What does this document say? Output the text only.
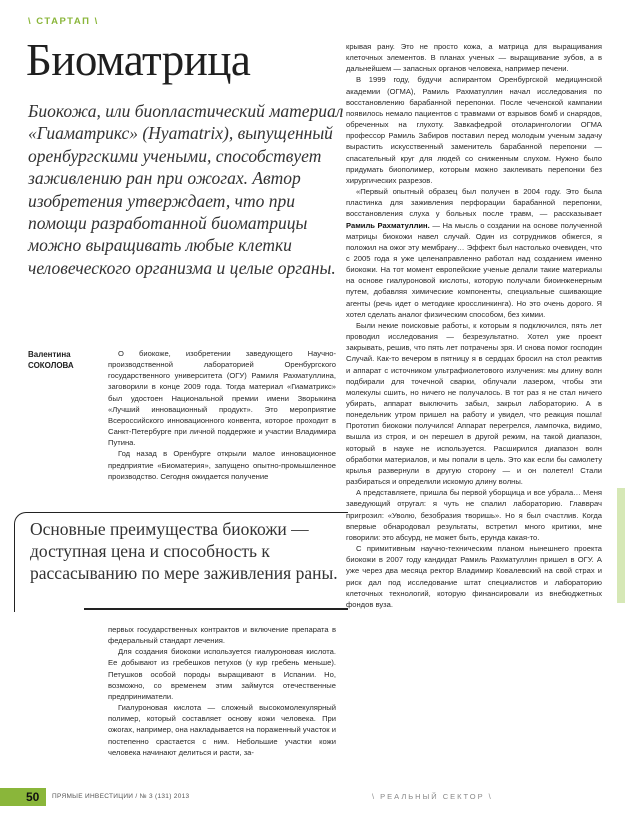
\ СТАРТАП \
Биоматрица
Биокожа, или биопластический материал «Гиаматрикс» (Hyamatrix), выпущенный оренбургскими учеными, способствует заживлению ран при ожогах. Автор изобретения утверждает, что при помощи разработанной биоматрицы можно выращивать любые клетки человеческого организма и целые органы.
Валентина
СОКОЛОВА

О биокоже, изобретении заведующего Научно-производственной лабораторией Оренбургского государственного университета (ОГУ) Рамиля Рахматуллина, заговорили в конце 2009 года. Тогда материал «Гиаматрикс» был удостоен Национальной премии имени Зворыкина «Лучший инновационный продукт». Это мероприятие Всероссийского инновационного конвента, которое проходит в Санкт-Петербурге при личной поддержке и участии Владимира Путина.

Год назад в Оренбурге открыли малое инновационное предприятие «Биоматерия», запущено опытно-промышленное производство. Сегодня ожидается получение

Основные преимущества биокожи — доступная цена и способность к рассасыванию по мере заживления раны.

первых государственных контрактов и включение препарата в федеральный стандарт лечения.

Для создания биокожи используется гиалуроновая кислота. Ее добывают из гребешков петухов (у кур гребень меньше). Петушков особой породы выращивают в Испании. Но, возможно, со временем этим займутся отечественные предприниматели.

Гиалуроновая кислота — сложный высокомолекулярный полимер, который составляет основу кожи человека. При ожогах, например, она накладывается на пораженный участок и постепенно срастается с ним. Небольшие участки кожи человека начинают делиться и расти, за-

крывая рану. Это не просто кожа, а матрица для выращивания клеточных элементов. В планах ученых — выращивание зубов, а в дальнейшем — запасных органов человека, например печени.

В 1999 году, будучи аспирантом Оренбургской медицинской академии (ОГМА), Рамиль Рахматуллин начал исследования по восстановлению барабанной перепонки. После чеченской кампании появилось немало пациентов с травмами от взрывов бомб и снарядов, обреченных на глухоту. Завкафедрой отоларингологии ОГМА профессор Рамиль Забиров поставил перед молодым ученым задачу вырастить искусственный заменитель барабанной перепонки — спасательный круг для людей со сниженным слухом. Нужно было придумать биополимер, которым можно заклеивать перепонки без хирургических разрезов.

«Первый опытный образец был получен в 2004 году. Это была пластинка для заживления перфорации барабанной перепонки, восстановления слуха у больных после травм, — рассказывает Рамиль Рахматуллин. — На мысль о создании на основе полученной матрицы биокожи навел случай. Один из сотрудников обжегся, я положил на ожог эту мембрану… Эффект был настолько очевиден, что с 2005 года я уже целенаправленно работал над созданием именно биокожи. На тот момент европейские ученые делали такие материалы на основе гиалуроновой кислоты, которую получали биоинженерным путем, добавляя химические компоненты, специальные сшивающие агенты (речь идет о методике кросслинкинга). Но это очень дорого. Я хотел сделать аналог физическим способом, без химии.

Были некие поисковые работы, к которым я подключился, пять лет проводил исследования — безрезультатно. Хотел уже проект закрывать, решив, что пять лет потрачены зря. И снова помог господин Случай. Как-то вечером в пятницу я в сердцах бросил на стол реактив и аппарат с источником ультрафиолетового излучения: мы длину волн подбирали для точечной сварки, облучали лазером, чтобы эти молекулы сшить, но ничего не получалось. В тот раз я не стал ничего убирать, аппарат выключить забыл, закрыл лабораторию. А в понедельник утром пришел на работу и увидел, что реакция пошла! Прототип биокожи получился! Аппарат перегрелся, лампочка, видимо, вышла из строя, и он перешел в другой режим, на такой диапазон, который в науке не используется. Расширился диапазон волн обработки материалов, и мы попали в цель. Это как если бы самолету крылья развернули в другую сторону — и он полетел! Стали разбираться и определили искомую длину волны.

А представляете, пришла бы первой уборщица и все убрала… Меня заведующий отругал: я чуть не спалил лабораторию. Главврач пригрозил: «Уволю, безобразия творишь». Но я был счастлив. Когда впервые обнародовал результаты, встретил много критики, мне говорили: это абсурд, не может быть, ерунда какая-то.

С примитивным научно-техническим планом нынешнего проекта биокожи в 2007 году кандидат Рамиль Рахматуллин пришел в ОГУ. А уже через два месяца ректор Владимир Ковалевский на свой страх и риск дал под исследование штат специалистов и лабораторию клеточных технологий, которую финансировали из внебюджетных фондов вуза.

50	ПРЯМЫЕ ИНВЕСТИЦИИ / № 3 (131) 2013	\ РЕАЛЬНЫЙ СЕКТОР \
